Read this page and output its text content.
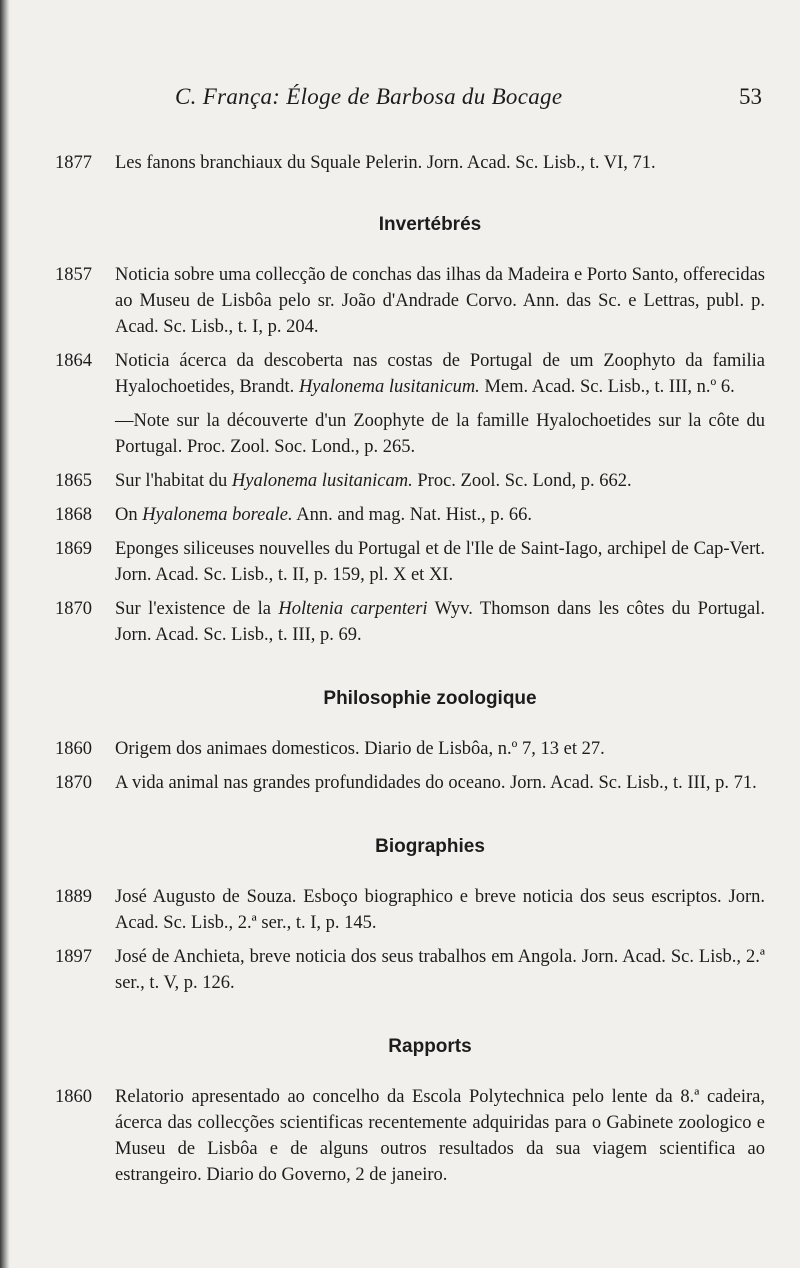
C. França: Éloge de Barbosa du Bocage	53
1877	Les fanons branchiaux du Squale Pelerin. Jorn. Acad. Sc. Lisb., t. VI, 71.
Invertébrés
1857	Noticia sobre uma collecção de conchas das ilhas da Madeira e Porto Santo, offerecidas ao Museu de Lisbôa pelo sr. João d'Andrade Corvo. Ann. das Sc. e Lettras, publ. p. Acad. Sc. Lisb., t. I, p. 204.
1864	Noticia ácerca da descoberta nas costas de Portugal de um Zoophyto da familia Hyalochoetides, Brandt. Hyalonema lusitanicum. Mem. Acad. Sc. Lisb., t. III, n.º 6.
—Note sur la découverte d'un Zoophyte de la famille Hyalochoetides sur la côte du Portugal. Proc. Zool. Soc. Lond., p. 265.
1865	Sur l'habitat du Hyalonema lusitanicam. Proc. Zool. Sc. Lond, p. 662.
1868	On Hyalonema boreale. Ann. and mag. Nat. Hist., p. 66.
1869	Eponges siliceuses nouvelles du Portugal et de l'Ile de Saint-Iago, archipel de Cap-Vert. Jorn. Acad. Sc. Lisb., t. II, p. 159, pl. X et XI.
1870	Sur l'existence de la Holtenia carpenteri Wyv. Thomson dans les côtes du Portugal. Jorn. Acad. Sc. Lisb., t. III, p. 69.
Philosophie zoologique
1860	Origem dos animaes domesticos. Diario de Lisbôa, n.º 7, 13 et 27.
1870	A vida animal nas grandes profundidades do oceano. Jorn. Acad. Sc. Lisb., t. III, p. 71.
Biographies
1889	José Augusto de Souza. Esboço biographico e breve noticia dos seus escriptos. Jorn. Acad. Sc. Lisb., 2.ª ser., t. I, p. 145.
1897	José de Anchieta, breve noticia dos seus trabalhos em Angola. Jorn. Acad. Sc. Lisb., 2.ª ser., t. V, p. 126.
Rapports
1860	Relatorio apresentado ao concelho da Escola Polytechnica pelo lente da 8.ª cadeira, ácerca das collecções scientificas recentemente adquiridas para o Gabinete zoologico e Museu de Lisbôa e de alguns outros resultados da sua viagem scientifica ao estrangeiro. Diario do Governo, 2 de janeiro.
